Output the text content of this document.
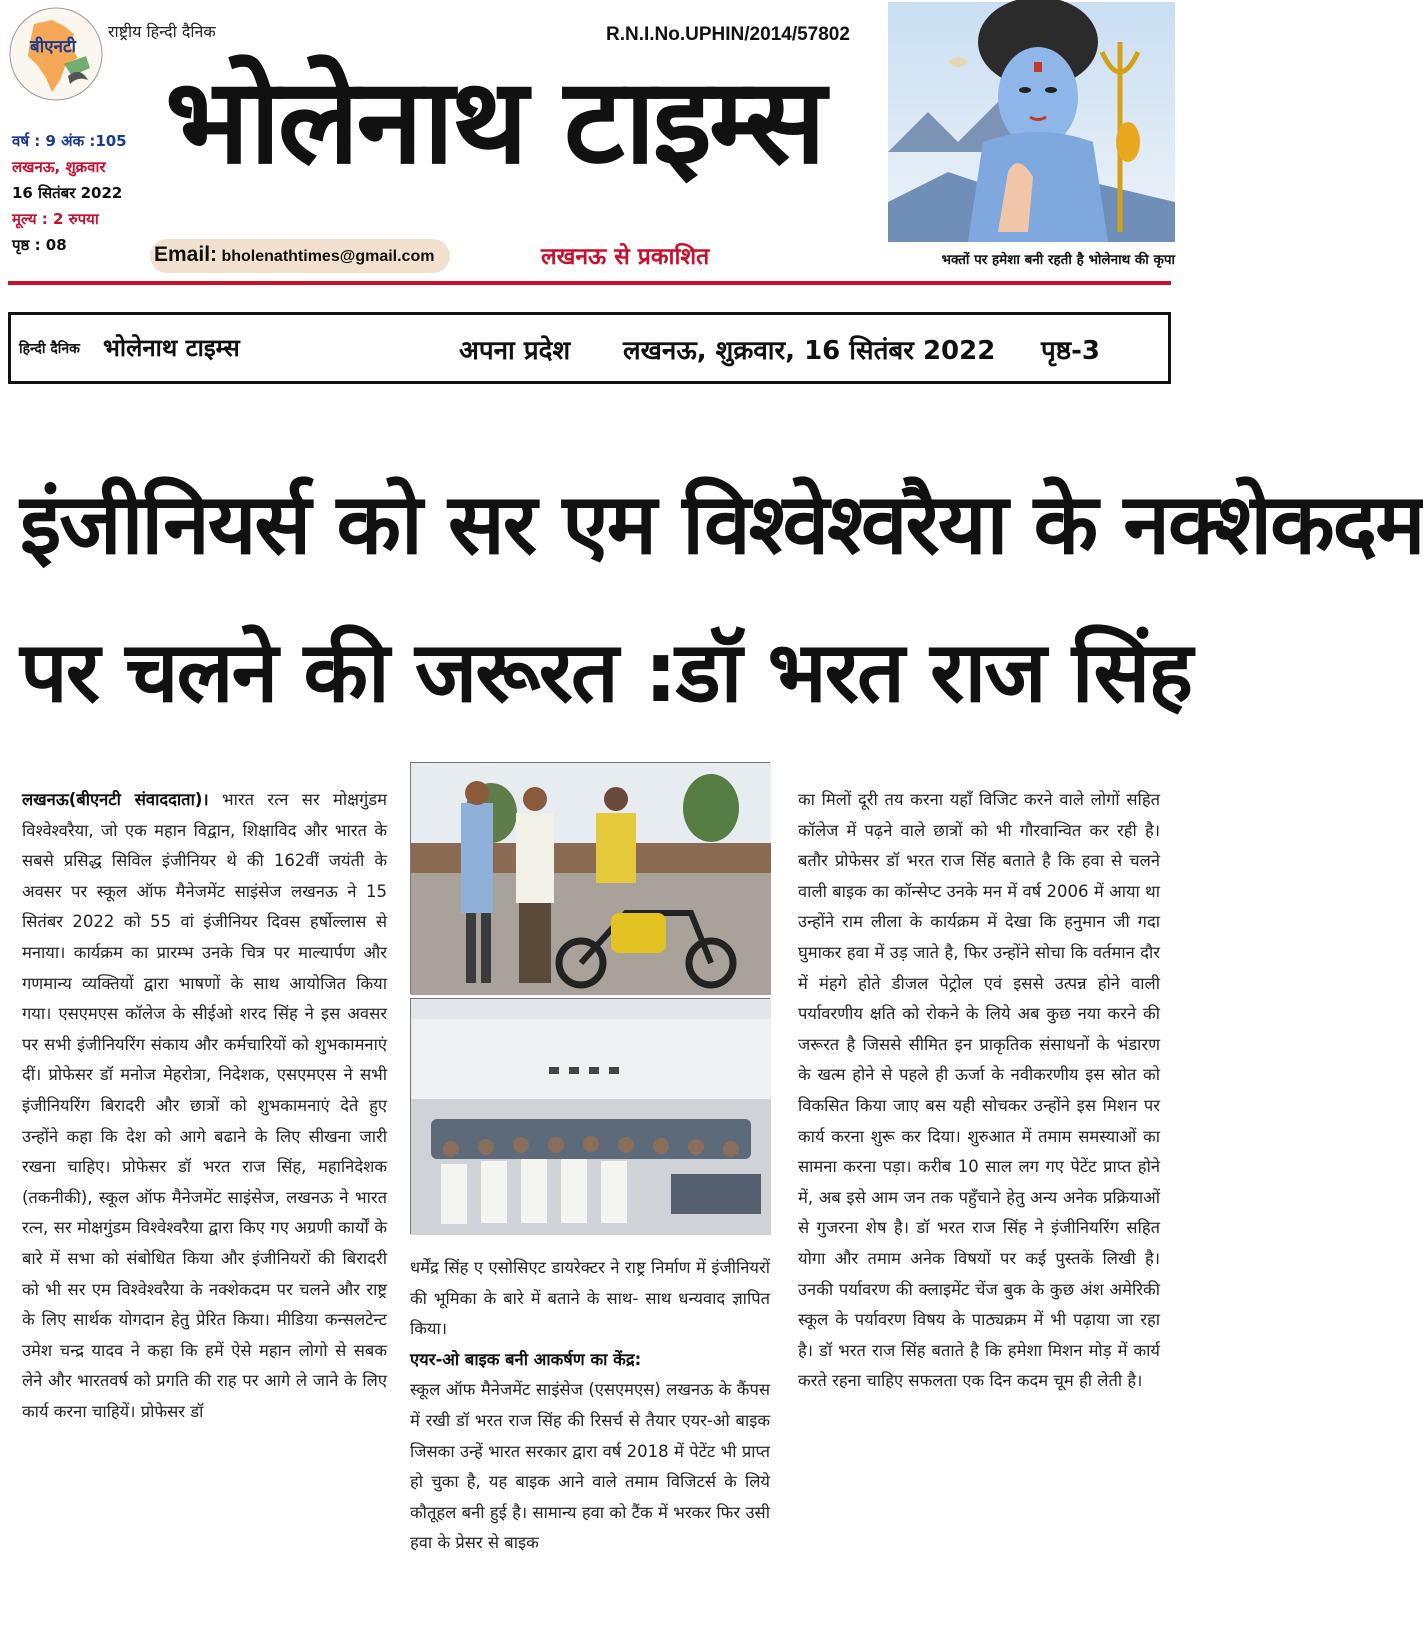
बीएनटी
राष्ट्रीय हिन्दी दैनिक	R.N.I.No.UPHIN/2014/57802
भोलेनाथ टाइम्स
वर्ष : 9 अंक :105
लखनऊ, शुक्रवार
16 सितंबर 2022
मूल्य : 2 रुपया
पृष्ठ : 08	Email: bholenathtimes@gmail.com	लखनऊ से प्रकाशित	भक्तों पर हमेशा बनी रहती है भोलेनाथ की कृपा
हिन्दी दैनिक भोलेनाथ टाइम्स	अपना प्रदेश लखनऊ, शुक्रवार, 16 सितंबर 2022 पृष्ठ-3
इंजीनियर्स को सर एम विश्वेश्वरैया के नक्शेकदम
पर चलने की जरूरत :डॉ भरत राज सिंह
लखनऊ(बीएनटी संवाददाता)। भारत रत्न सर मोक्षगुंडम विश्वेश्वरैया, जो एक महान विद्वान, शिक्षाविद और भारत के सबसे प्रसिद्ध सिविल इंजीनियर थे की 162वीं जयंती के अवसर पर स्कूल ऑफ मैनेजमेंट साइंसेज लखनऊ ने 15 सितंबर 2022 को 55 वां इंजीनियर दिवस हर्षोल्लास से मनाया। कार्यक्रम का प्रारम्भ उनके चित्र पर माल्यार्पण और गणमान्य व्यक्तियों द्वारा भाषणों के साथ आयोजित किया गया। एसएमएस कॉलेज के सीईओ शरद सिंह ने इस अवसर पर सभी इंजीनियरिंग संकाय और कर्मचारियों को शुभकामनाएं दीं। प्रोफेसर डॉ मनोज मेहरोत्रा, निदेशक, एसएमएस ने सभी इंजीनियरिंग बिरादरी और छात्रों को शुभकामनाएं देते हुए उन्होंने कहा कि देश को आगे बढाने के लिए सीखना जारी रखना चाहिए। प्रोफेसर डॉ भरत राज सिंह, महानिदेशक (तकनीकी), स्कूल ऑफ मैनेजमेंट साइंसेज, लखनऊ ने भारत रत्न, सर मोक्षगुंडम विश्वेश्वरैया द्वारा किए गए अग्रणी कार्यों के बारे में सभा को संबोधित किया और इंजीनियरों की बिरादरी को भी सर एम विश्वेश्वरैया के नक्शेकदम पर चलने और राष्ट्र के लिए सार्थक योगदान हेतु प्रेरित किया। मीडिया कन्सलटेन्ट उमेश चन्द्र यादव ने कहा कि हमें ऐसे महान लोगो से सबक लेने और भारतवर्ष को प्रगति की राह पर आगे ले जाने के लिए कार्य करना चाहियें। प्रोफेसर डॉ
धर्मेंद्र सिंह ए एसोसिएट डायरेक्टर ने राष्ट्र निर्माण में इंजीनियरों की भूमिका के बारे में बताने के साथ- साथ धन्यवाद ज्ञापित किया।
एयर-ओ बाइक बनी आकर्षण का केंद्र:
स्कूल ऑफ मैनेजमेंट साइंसेज (एसएमएस) लखनऊ के कैंपस में रखी डॉ भरत राज सिंह की रिसर्च से तैयार एयर-ओ बाइक जिसका उन्हें भारत सरकार द्वारा वर्ष 2018 में पेटेंट भी प्राप्त हो चुका है, यह बाइक आने वाले तमाम विजिटर्स के लिये कौतूहल बनी हुई है। सामान्य हवा को टैंक में भरकर फिर उसी हवा के प्रेसर से बाइक
का मिलों दूरी तय करना यहाँ विजिट करने वाले लोगों सहित कॉलेज में पढ़ने वाले छात्रों को भी गौरवान्वित कर रही है। बतौर प्रोफेसर डॉ भरत राज सिंह बताते है कि हवा से चलने वाली बाइक का कॉन्सेप्ट उनके मन में वर्ष 2006 में आया था उन्होंने राम लीला के कार्यक्रम में देखा कि हनुमान जी गदा घुमाकर हवा में उड़ जाते है, फिर उन्होंने सोचा कि वर्तमान दौर में मंहगे होते डीजल पेट्रोल एवं इससे उत्पन्न होने वाली पर्यावरणीय क्षति को रोकने के लिये अब कुछ नया करने की जरूरत है जिससे सीमित इन प्राकृतिक संसाधनों के भंडारण के खत्म होने से पहले ही ऊर्जा के नवीकरणीय इस स्रोत को विकसित किया जाए बस यही सोचकर उन्होंने इस मिशन पर कार्य करना शुरू कर दिया। शुरुआत में तमाम समस्याओं का सामना करना पड़ा। करीब 10 साल लग गए पेटेंट प्राप्त होने में, अब इसे आम जन तक पहुँचाने हेतु अन्य अनेक प्रक्रियाओं से गुजरना शेष है। डॉ भरत राज सिंह ने इंजीनियरिंग सहित योगा और तमाम अनेक विषयों पर कई पुस्तकें लिखी है। उनकी पर्यावरण की क्लाइमेंट चेंज बुक के कुछ अंश अमेरिकी स्कूल के पर्यावरण विषय के पाठ्यक्रम में भी पढ़ाया जा रहा है। डॉ भरत राज सिंह बताते है कि हमेशा मिशन मोड़ में कार्य करते रहना चाहिए सफलता एक दिन कदम चूम ही लेती है।
